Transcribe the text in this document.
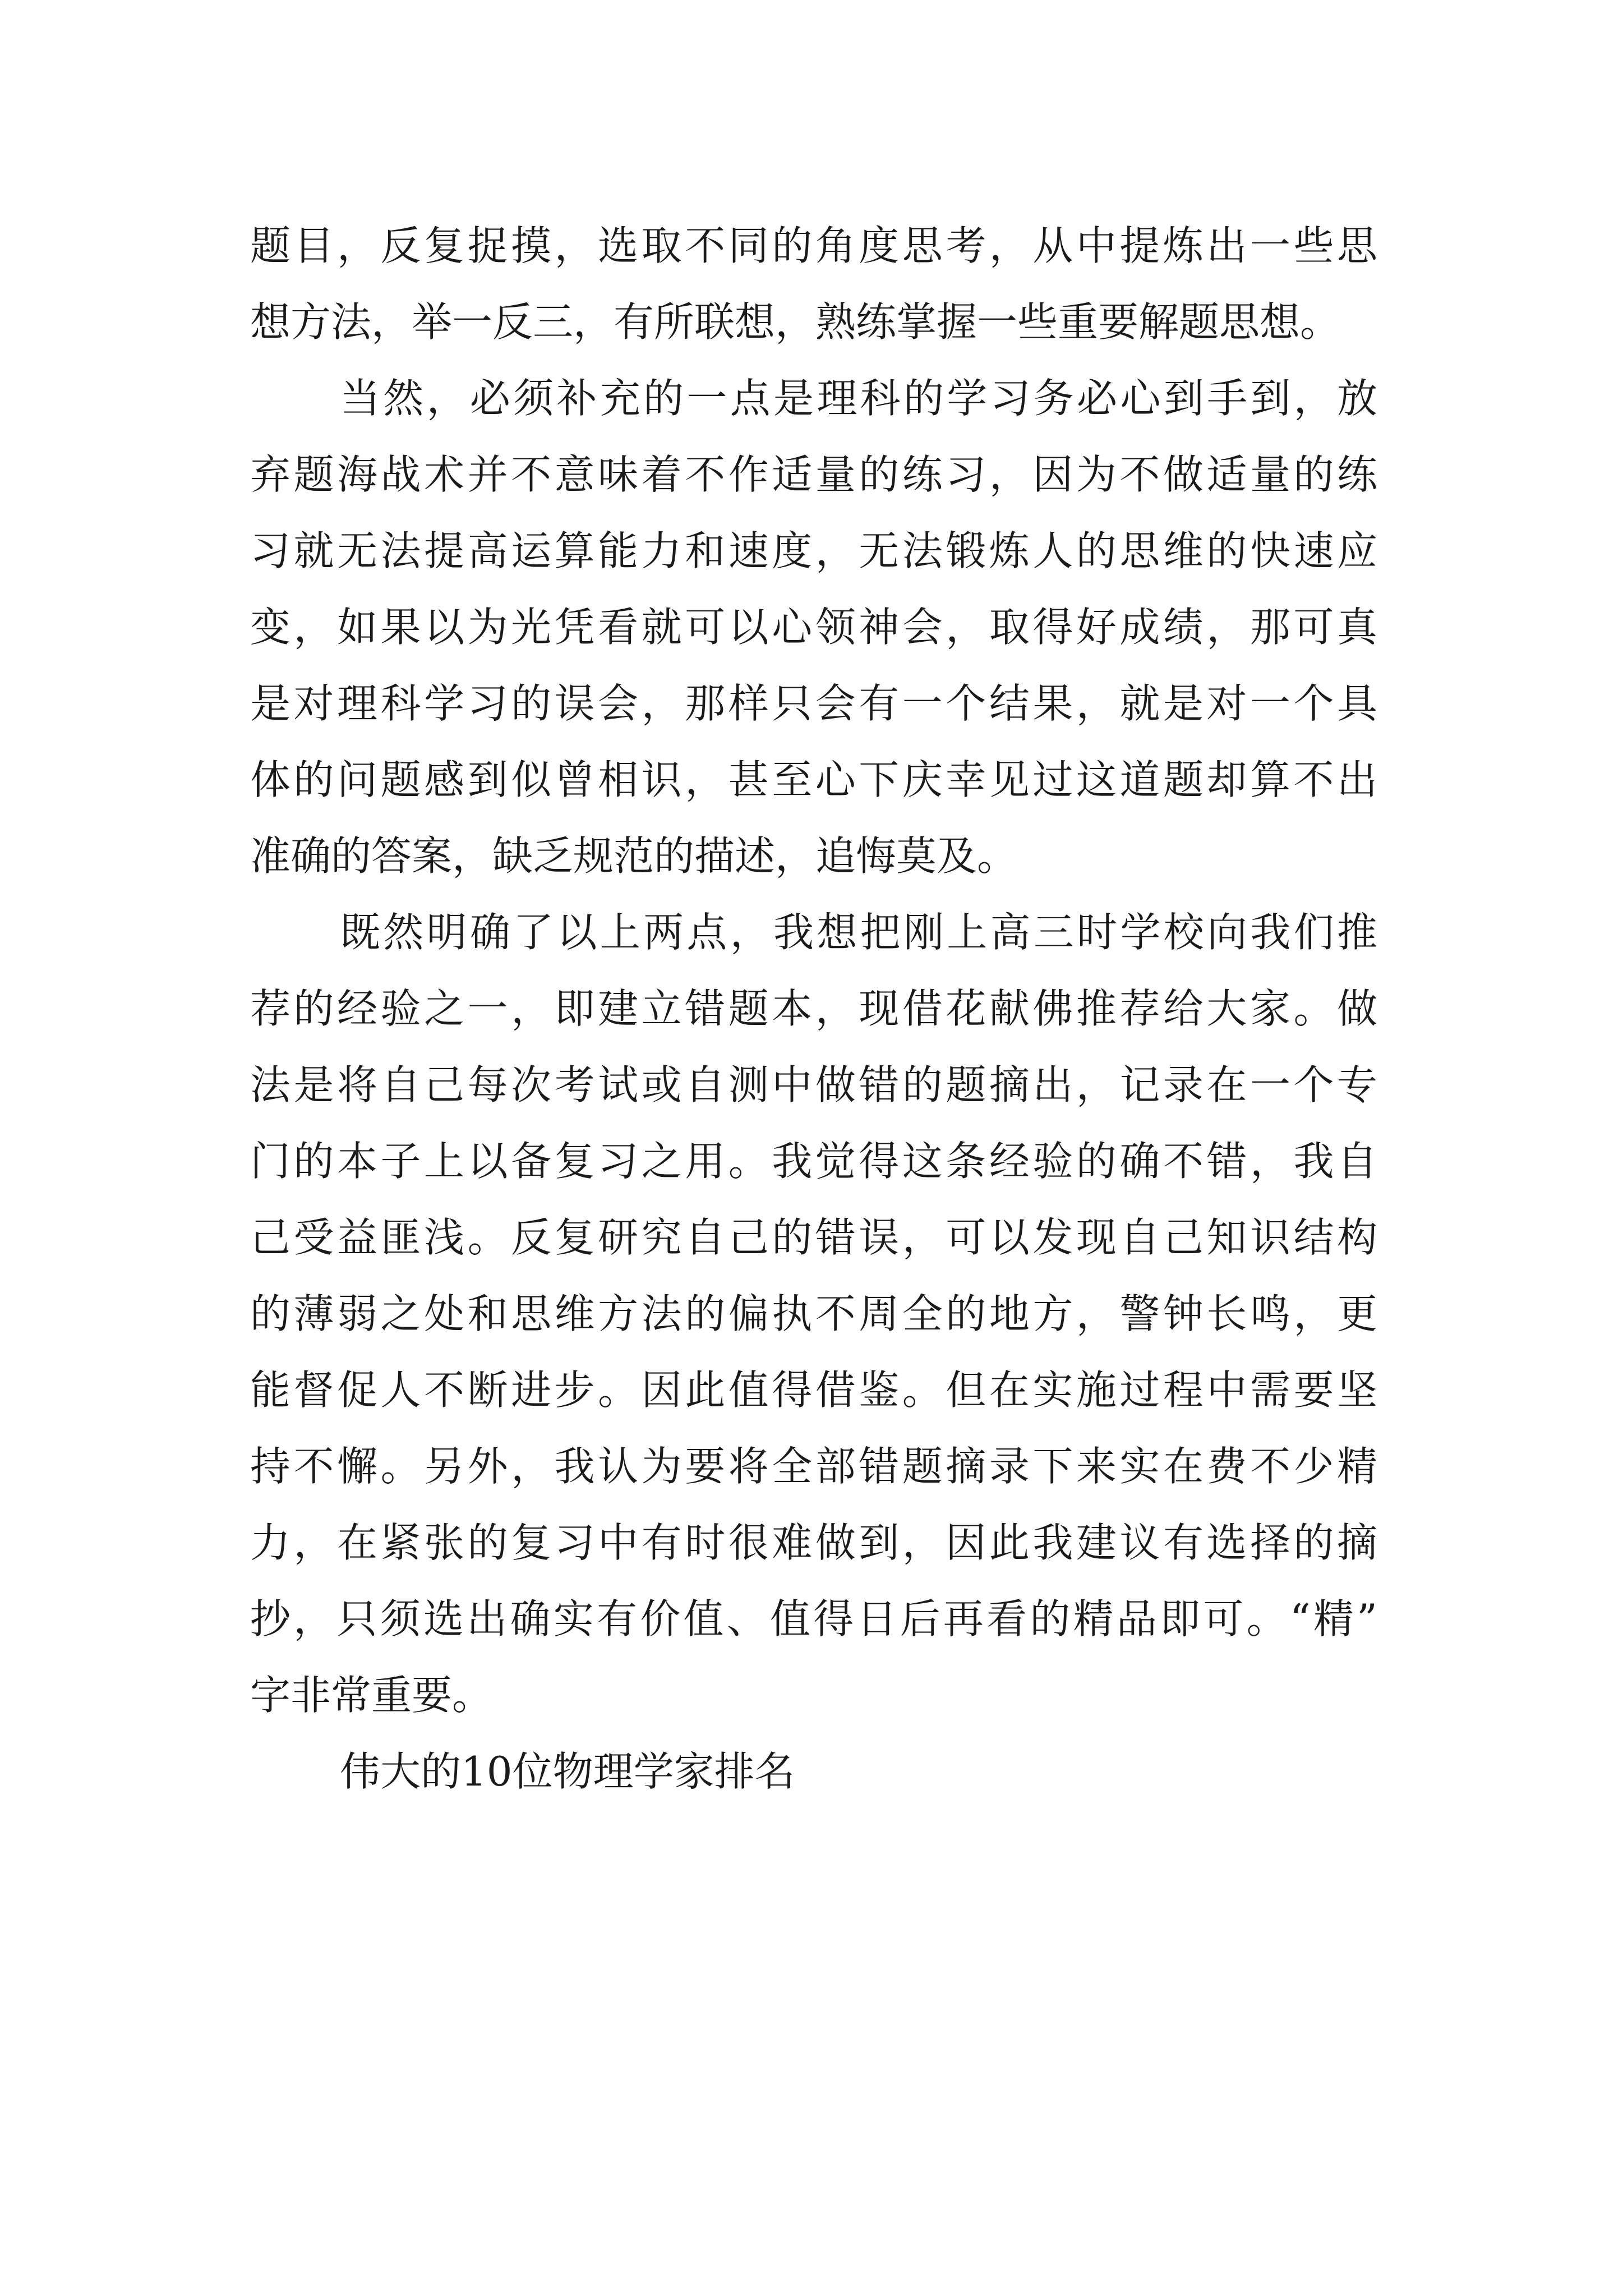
题目，反复捉摸，选取不同的角度思考，从中提炼出一些思
想方法，举一反三，有所联想，熟练掌握一些重要解题思想。
当然，必须补充的一点是理科的学习务必心到手到，放
弃题海战术并不意味着不作适量的练习，因为不做适量的练
习就无法提高运算能力和速度，无法锻炼人的思维的快速应
变，如果以为光凭看就可以心领神会，取得好成绩，那可真
是对理科学习的误会，那样只会有一个结果，就是对一个具
体的问题感到似曾相识，甚至心下庆幸见过这道题却算不出
准确的答案，缺乏规范的描述，追悔莫及。
既然明确了以上两点，我想把刚上高三时学校向我们推
荐的经验之一，即建立错题本，现借花献佛推荐给大家。做
法是将自己每次考试或自测中做错的题摘出，记录在一个专
门的本子上以备复习之用。我觉得这条经验的确不错，我自
己受益匪浅。反复研究自己的错误，可以发现自己知识结构
的薄弱之处和思维方法的偏执不周全的地方，警钟长鸣，更
能督促人不断进步。因此值得借鉴。但在实施过程中需要坚
持不懈。另外，我认为要将全部错题摘录下来实在费不少精
力，在紧张的复习中有时很难做到，因此我建议有选择的摘
抄，只须选出确实有价值、值得日后再看的精品即可。“精”
字非常重要。
伟大的10位物理学家排名
